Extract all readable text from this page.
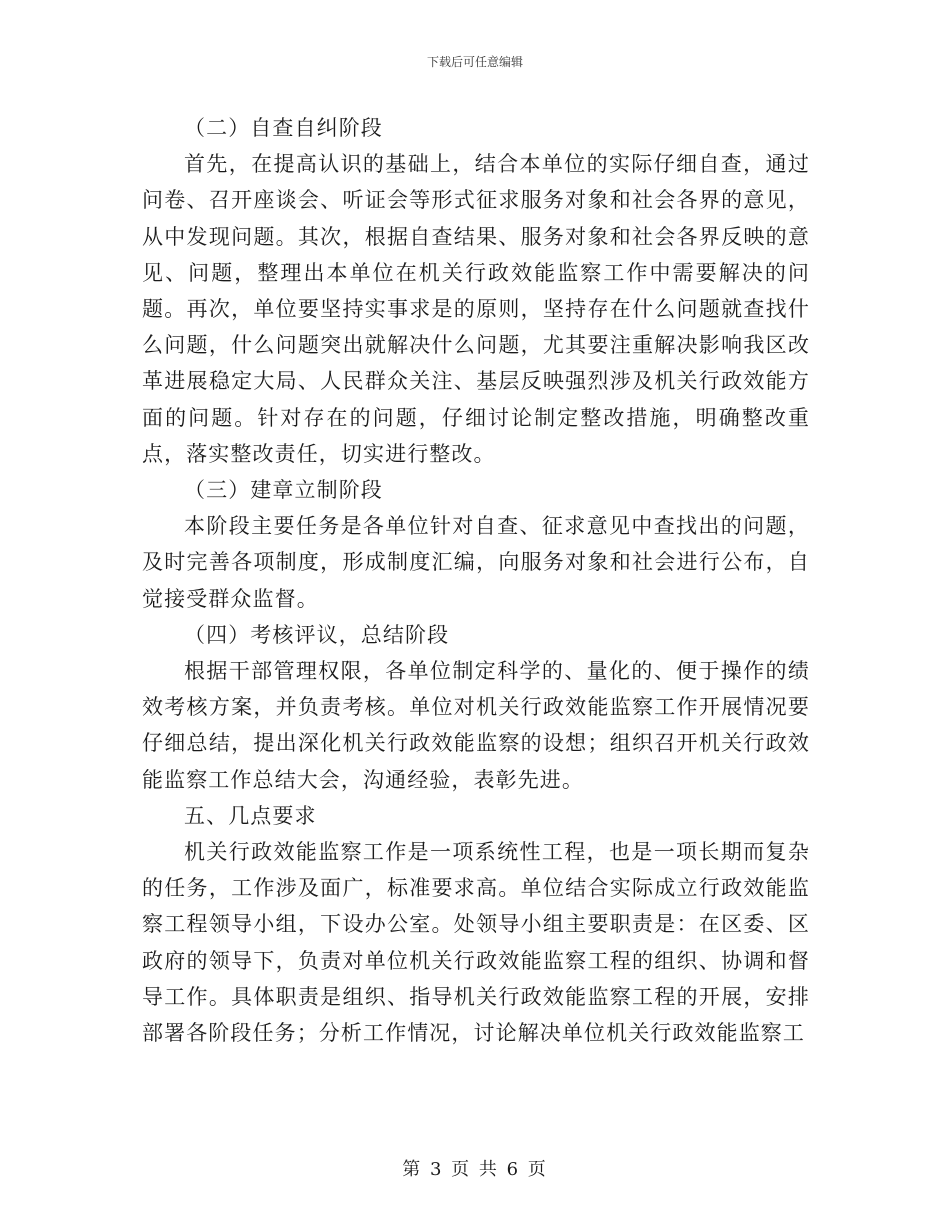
下载后可任意编辑

（二）自查自纠阶段

首先，在提高认识的基础上，结合本单位的实际仔细自查，通过问卷、召开座谈会、听证会等形式征求服务对象和社会各界的意见，从中发现问题。其次，根据自查结果、服务对象和社会各界反映的意见、问题，整理出本单位在机关行政效能监察工作中需要解决的问题。再次，单位要坚持实事求是的原则，坚持存在什么问题就查找什么问题，什么问题突出就解决什么问题，尤其要注重解决影响我区改革进展稳定大局、人民群众关注、基层反映强烈涉及机关行政效能方面的问题。针对存在的问题，仔细讨论制定整改措施，明确整改重点，落实整改责任，切实进行整改。

（三）建章立制阶段

本阶段主要任务是各单位针对自查、征求意见中查找出的问题，及时完善各项制度，形成制度汇编，向服务对象和社会进行公布，自觉接受群众监督。

（四）考核评议，总结阶段

根据干部管理权限，各单位制定科学的、量化的、便于操作的绩效考核方案，并负责考核。单位对机关行政效能监察工作开展情况要仔细总结，提出深化机关行政效能监察的设想；组织召开机关行政效能监察工作总结大会，沟通经验，表彰先进。

五、几点要求

机关行政效能监察工作是一项系统性工程，也是一项长期而复杂的任务，工作涉及面广，标准要求高。单位结合实际成立行政效能监察工程领导小组，下设办公室。处领导小组主要职责是：在区委、区政府的领导下，负责对单位机关行政效能监察工程的组织、协调和督导工作。具体职责是组织、指导机关行政效能监察工程的开展，安排部署各阶段任务；分析工作情况，讨论解决单位机关行政效能监察工

第 3 页 共 6 页
